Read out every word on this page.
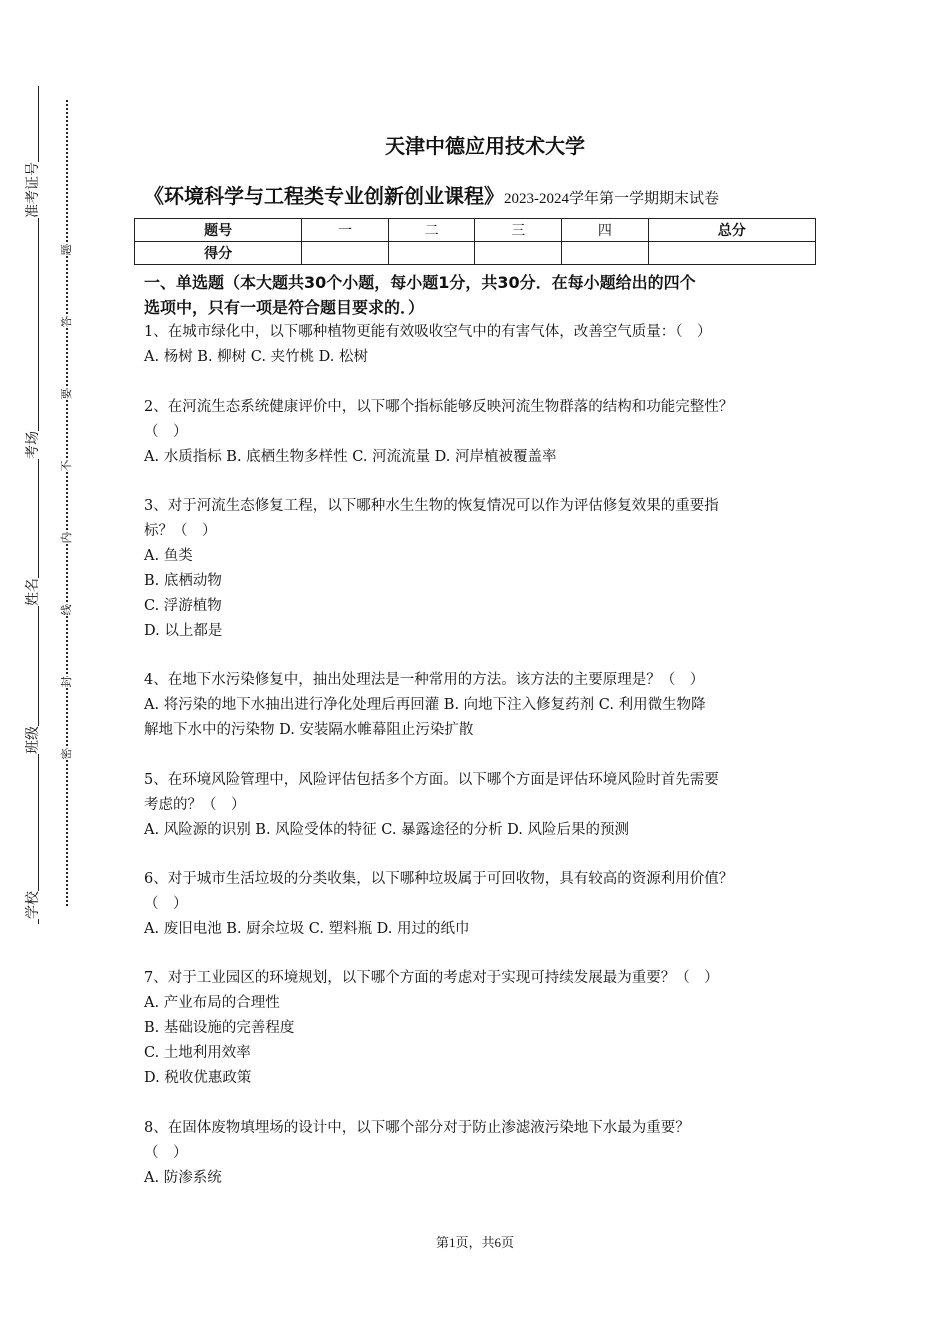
准考证号
考场
姓名
班级
学校
题
答
要
不
内
线
封
密
天津中德应用技术大学
《环境科学与工程类专业创新创业课程》2023-2024学年第一学期期末试卷
题号	一	二	三	四	总分
得分					
一、单选题（本大题共30个小题，每小题1分，共30分．在每小题给出的四个
选项中，只有一项是符合题目要求的．）
1、在城市绿化中，以下哪种植物更能有效吸收空气中的有害气体，改善空气质量：（　）
A. 杨树 B. 柳树 C. 夹竹桃 D. 松树
2、在河流生态系统健康评价中，以下哪个指标能够反映河流生物群落的结构和功能完整性？
（　）
A. 水质指标 B. 底栖生物多样性 C. 河流流量 D. 河岸植被覆盖率
3、对于河流生态修复工程，以下哪种水生生物的恢复情况可以作为评估修复效果的重要指
标？（　）
A. 鱼类
B. 底栖动物
C. 浮游植物
D. 以上都是
4、在地下水污染修复中，抽出处理法是一种常用的方法。该方法的主要原理是？（　）
A. 将污染的地下水抽出进行净化处理后再回灌 B. 向地下注入修复药剂 C. 利用微生物降
解地下水中的污染物 D. 安装隔水帷幕阻止污染扩散
5、在环境风险管理中，风险评估包括多个方面。以下哪个方面是评估环境风险时首先需要
考虑的？（　）
A. 风险源的识别 B. 风险受体的特征 C. 暴露途径的分析 D. 风险后果的预测
6、对于城市生活垃圾的分类收集，以下哪种垃圾属于可回收物，具有较高的资源利用价值？
（　）
A. 废旧电池 B. 厨余垃圾 C. 塑料瓶 D. 用过的纸巾
7、对于工业园区的环境规划，以下哪个方面的考虑对于实现可持续发展最为重要？（　）
A. 产业布局的合理性
B. 基础设施的完善程度
C. 土地利用效率
D. 税收优惠政策
8、在固体废物填埋场的设计中，以下哪个部分对于防止渗滤液污染地下水最为重要？
（　）
A. 防渗系统
第1页，共6页
